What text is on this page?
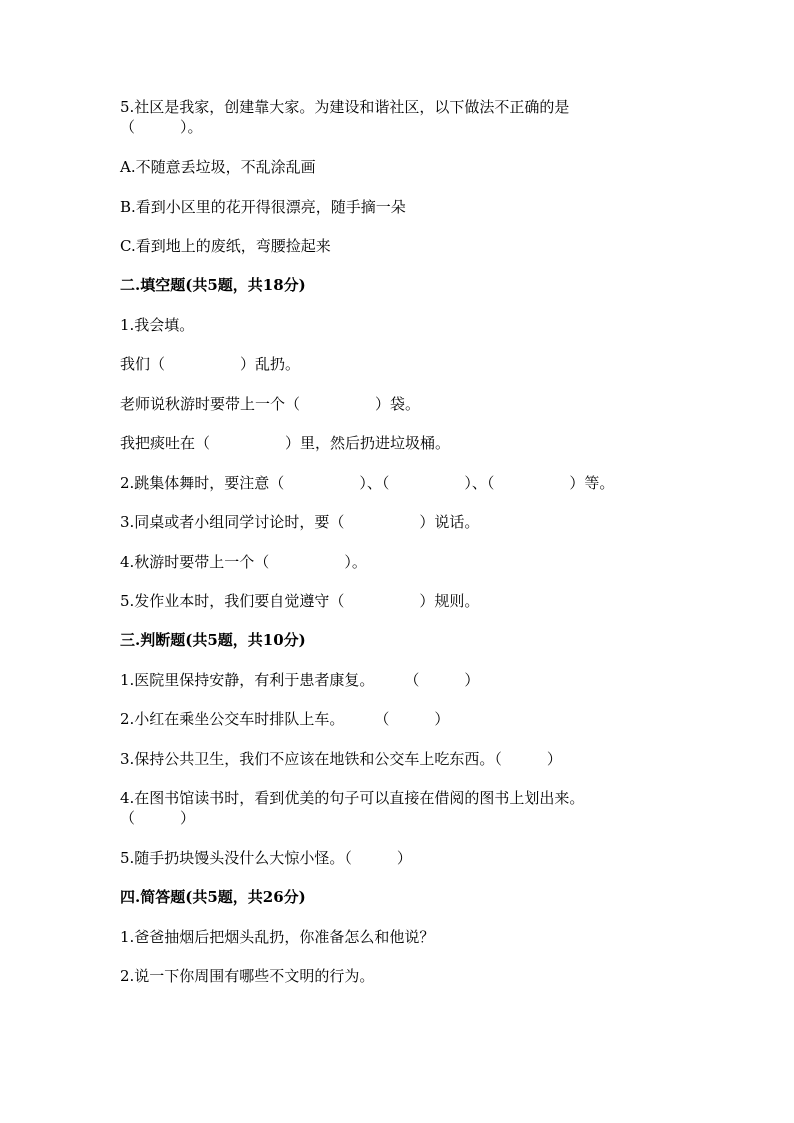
5.社区是我家，创建靠大家。为建设和谐社区，以下做法不正确的是
（　　　）。
A.不随意丢垃圾，不乱涂乱画
B.看到小区里的花开得很漂亮，随手摘一朵
C.看到地上的废纸，弯腰捡起来
二.填空题(共5题，共18分)
1.我会填。
我们（　　　　　）乱扔。
老师说秋游时要带上一个（　　　　　）袋。
我把痰吐在（　　　　　）里，然后扔进垃圾桶。
2.跳集体舞时，要注意（　　　　　）、（　　　　　）、（　　　　　）等。
3.同桌或者小组同学讨论时，要（　　　　　）说话。
4.秋游时要带上一个（　　　　　）。
5.发作业本时，我们要自觉遵守（　　　　　）规则。
三.判断题(共5题，共10分)
1.医院里保持安静，有利于患者康复。　　　（　　　）
2.小红在乘坐公交车时排队上车。　　　（　　　）
3.保持公共卫生，我们不应该在地铁和公交车上吃东西。（　　　）
4.在图书馆读书时，看到优美的句子可以直接在借阅的图书上划出来。
（　　　）
5.随手扔块馒头没什么大惊小怪。（　　　）
四.简答题(共5题，共26分)
1.爸爸抽烟后把烟头乱扔，你准备怎么和他说？
2.说一下你周围有哪些不文明的行为。
